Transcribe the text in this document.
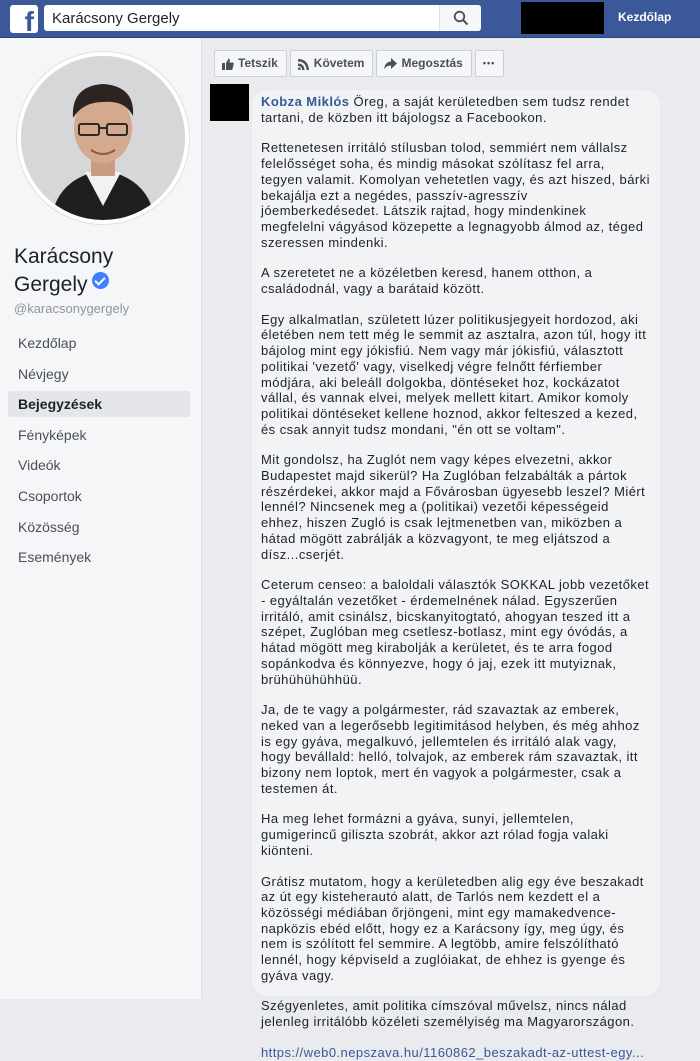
f Karácsony Gergely	Kezdőlap
Karácsony
Gergely
@karacsonygergely
Kezdőlap
Névjegy
Bejegyzések
Fényképek
Videók
Csoportok
Közösség
Események
Tetszik	Követem	Megosztás •••

Kobza Miklós Öreg, a saját kerületedben sem tudsz rendet tartani, de közben itt bájologsz a Facebookon.

Rettenetesen irritáló stílusban tolod, semmiért nem vállalsz felelősséget soha, és mindig másokat szólítasz fel arra, tegyen valamit. Komolyan vehetetlen vagy, és azt hiszed, bárki bekajálja ezt a negédes, passzív-agresszív jóemberkedésedet. Látszik rajtad, hogy mindenkinek megfelelni vágyásod közepette a legnagyobb álmod az, téged szeressen mindenki.

A szeretetet ne a közéletben keresd, hanem otthon, a családodnál, vagy a barátaid között.

Egy alkalmatlan, született lúzer politikusjegyeit hordozod, aki életében nem tett még le semmit az asztalra, azon túl, hogy itt bájolog mint egy jókisfiú. Nem vagy már jókisfiú, választott politikai 'vezető' vagy, viselkedj végre felnőtt férfiember módjára, aki beleáll dolgokba, döntéseket hoz, kockázatot vállal, és vannak elvei, melyek mellett kitart. Amikor komoly politikai döntéseket kellene hoznod, akkor felteszed a kezed, és csak annyit tudsz mondani, "én ott se voltam".

Mit gondolsz, ha Zuglót nem vagy képes elvezetni, akkor Budapestet majd sikerül? Ha Zuglóban felzabálták a pártok részérdekei, akkor majd a Fővárosban ügyesebb leszel? Miért lennél? Nincsenek meg a (politikai) vezetői képességeid ehhez, hiszen Zugló is csak lejtmenetben van, miközben a hátad mögött zabrálják a közvagyont, te meg eljátszod a dísz...cserjét.

Ceterum censeo: a baloldali választók SOKKAL jobb vezetőket - egyáltalán vezetőket - érdemelnének nálad. Egyszerűen irritáló, amit csinálsz, bicskanyitogtató, ahogyan teszed itt a szépet, Zuglóban meg csetlesz-botlasz, mint egy óvódás, a hátad mögött meg kirabolják a kerületet, és te arra fogod sopánkodva és könnyezve, hogy ó jaj, ezek itt mutyiznak, brühühühühhüü.

Ja, de te vagy a polgármester, rád szavaztak az emberek, neked van a legerősebb legitimitásod helyben, és még ahhoz is egy gyáva, megalkuvó, jellemtelen és irritáló alak vagy, hogy bevállald: helló, tolvajok, az emberek rám szavaztak, itt bizony nem loptok, mert én vagyok a polgármester, csak a testemen át.

Ha meg lehet formázni a gyáva, sunyi, jellemtelen, gumigerincű giliszta szobrát, akkor azt rólad fogja valaki kiönteni.

Grátisz mutatom, hogy a kerületedben alig egy éve beszakadt az út egy kisteherautó alatt, de Tarlós nem kezdett el a közösségi médiában őrjöngeni, mint egy mamakedvence-napközis ebéd előtt, hogy ez a Karácsony így, meg úgy, és nem is szólított fel semmire. A legtöbb, amire felszólítható lennél, hogy képviseld a zuglóiakat, de ehhez is gyenge és gyáva vagy.

Szégyenletes, amit politika címszóval művelsz, nincs nálad jelenleg irritálóbb közéleti személyiség ma Magyarországon.

https://web0.nepszava.hu/1160862_beszakadt-az-uttest-egy...
